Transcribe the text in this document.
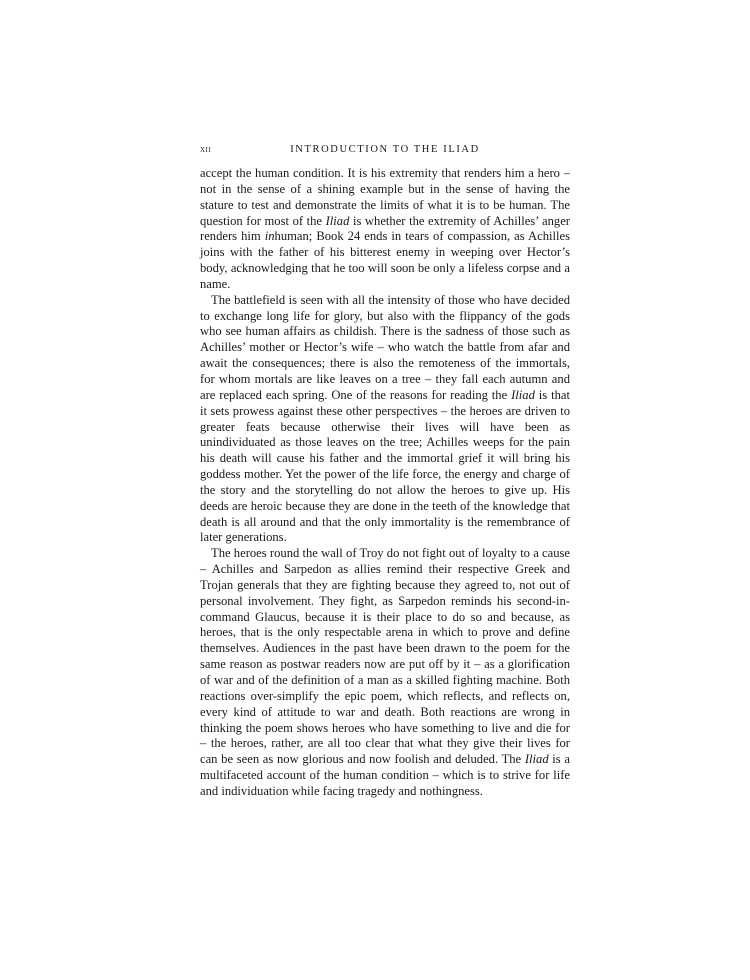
xii	INTRODUCTION TO THE ILIAD

accept the human condition. It is his extremity that renders him a hero – not in the sense of a shining example but in the sense of having the stature to test and demonstrate the limits of what it is to be human. The question for most of the Iliad is whether the extremity of Achilles’ anger renders him inhuman; Book 24 ends in tears of compassion, as Achilles joins with the father of his bitterest enemy in weeping over Hector’s body, acknowledging that he too will soon be only a lifeless corpse and a name.

The battlefield is seen with all the intensity of those who have decided to exchange long life for glory, but also with the flippancy of the gods who see human affairs as childish. There is the sadness of those such as Achilles’ mother or Hector’s wife – who watch the battle from afar and await the consequences; there is also the remoteness of the immortals, for whom mortals are like leaves on a tree – they fall each autumn and are replaced each spring. One of the reasons for reading the Iliad is that it sets prowess against these other perspectives – the heroes are driven to greater feats because otherwise their lives will have been as unindividuated as those leaves on the tree; Achilles weeps for the pain his death will cause his father and the immortal grief it will bring his goddess mother. Yet the power of the life force, the energy and charge of the story and the storytelling do not allow the heroes to give up. His deeds are heroic because they are done in the teeth of the knowledge that death is all around and that the only immortality is the remembrance of later generations.

The heroes round the wall of Troy do not fight out of loyalty to a cause – Achilles and Sarpedon as allies remind their respective Greek and Trojan generals that they are fighting because they agreed to, not out of personal involvement. They fight, as Sarpedon reminds his second-in-command Glaucus, because it is their place to do so and because, as heroes, that is the only respectable arena in which to prove and define themselves. Audiences in the past have been drawn to the poem for the same reason as postwar readers now are put off by it – as a glorification of war and of the definition of a man as a skilled fighting machine. Both reactions over-simplify the epic poem, which reflects, and reflects on, every kind of attitude to war and death. Both reactions are wrong in thinking the poem shows heroes who have something to live and die for – the heroes, rather, are all too clear that what they give their lives for can be seen as now glorious and now foolish and deluded. The Iliad is a multifaceted account of the human condition – which is to strive for life and individuation while facing tragedy and nothingness.
